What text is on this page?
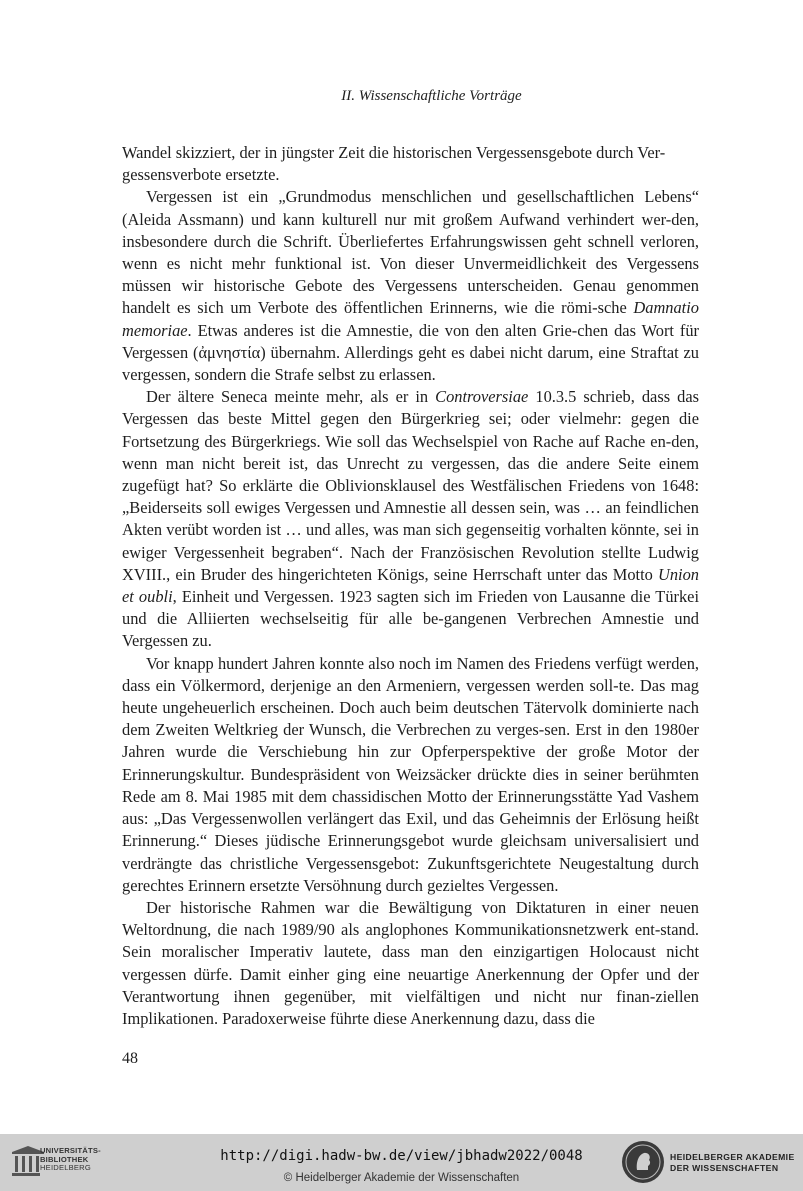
II. Wissenschaftliche Vorträge

Wandel skizziert, der in jüngster Zeit die historischen Vergessensgebote durch Ver-
gessensverbote ersetzte.

Vergessen ist ein „Grundmodus menschlichen und gesellschaftlichen Lebens“ (Aleida Assmann) und kann kulturell nur mit großem Aufwand verhindert wer-den, insbesondere durch die Schrift. Überliefertes Erfahrungswissen geht schnell verloren, wenn es nicht mehr funktional ist. Von dieser Unvermeidlichkeit des Vergessens müssen wir historische Gebote des Vergessens unterscheiden. Genau genommen handelt es sich um Verbote des öffentlichen Erinnerns, wie die römi-sche Damnatio memoriae. Etwas anderes ist die Amnestie, die von den alten Grie-chen das Wort für Vergessen (ἀμνηστία) übernahm. Allerdings geht es dabei nicht darum, eine Straftat zu vergessen, sondern die Strafe selbst zu erlassen.

Der ältere Seneca meinte mehr, als er in Controversiae 10.3.5 schrieb, dass das Vergessen das beste Mittel gegen den Bürgerkrieg sei; oder vielmehr: gegen die Fortsetzung des Bürgerkriegs. Wie soll das Wechselspiel von Rache auf Rache en-den, wenn man nicht bereit ist, das Unrecht zu vergessen, das die andere Seite einem zugefügt hat? So erklärte die Oblivionsklausel des Westfälischen Friedens von 1648: „Beiderseits soll ewiges Vergessen und Amnestie all dessen sein, was … an feindlichen Akten verübt worden ist … und alles, was man sich gegenseitig vorhalten könnte, sei in ewiger Vergessenheit begraben“. Nach der Französischen Revolution stellte Ludwig XVIII., ein Bruder des hingerichteten Königs, seine Herrschaft unter das Motto Union et oubli, Einheit und Vergessen. 1923 sagten sich im Frieden von Lausanne die Türkei und die Alliierten wechselseitig für alle be-gangenen Verbrechen Amnestie und Vergessen zu.

Vor knapp hundert Jahren konnte also noch im Namen des Friedens verfügt werden, dass ein Völkermord, derjenige an den Armeniern, vergessen werden soll-te. Das mag heute ungeheuerlich erscheinen. Doch auch beim deutschen Tätervolk dominierte nach dem Zweiten Weltkrieg der Wunsch, die Verbrechen zu verges-sen. Erst in den 1980er Jahren wurde die Verschiebung hin zur Opferperspektive der große Motor der Erinnerungskultur. Bundespräsident von Weizsäcker drückte dies in seiner berühmten Rede am 8. Mai 1985 mit dem chassidischen Motto der Erinnerungsstätte Yad Vashem aus: „Das Vergessenwollen verlängert das Exil, und das Geheimnis der Erlösung heißt Erinnerung.“ Dieses jüdische Erinnerungsgebot wurde gleichsam universalisiert und verdrängte das christliche Vergessensgebot: Zukunftsgerichtete Neugestaltung durch gerechtes Erinnern ersetzte Versöhnung durch gezieltes Vergessen.

Der historische Rahmen war die Bewältigung von Diktaturen in einer neuen Weltordnung, die nach 1989/90 als anglophones Kommunikationsnetzwerk ent-stand. Sein moralischer Imperativ lautete, dass man den einzigartigen Holocaust nicht vergessen dürfe. Damit einher ging eine neuartige Anerkennung der Opfer und der Verantwortung ihnen gegenüber, mit vielfältigen und nicht nur finan-ziellen Implikationen. Paradoxerweise führte diese Anerkennung dazu, dass die

48
UNIVERSITÄTS-
BIBLIOTHEK
HEIDELBERG
http://digi.hadw-bw.de/view/jbhadw2022/0048
© Heidelberger Akademie der Wissenschaften
HEIDELBERGER AKADEMIE
DER WISSENSCHAFTEN
